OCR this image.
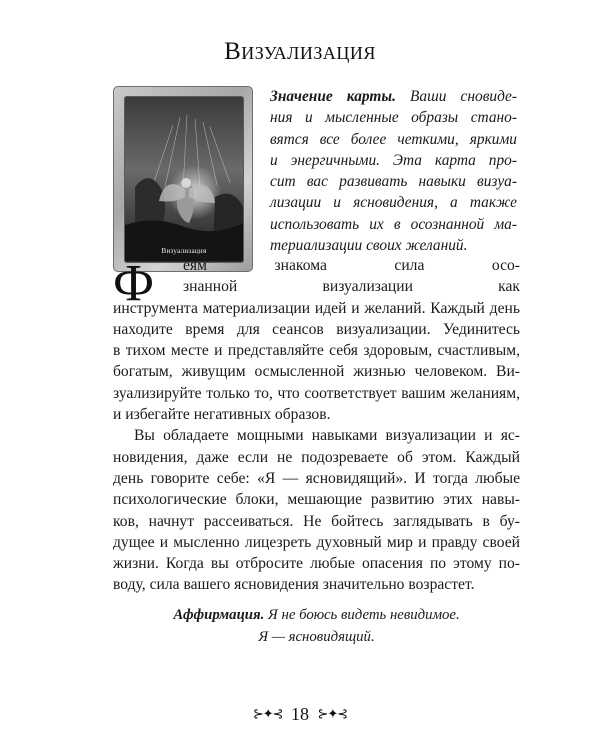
Визуализация
Визуализация
Значение карты. Ваши сновиде-
ния и мысленные образы стано-
вятся все более четкими, яркими
и энергичными. Эта карта про-
сит вас развивать навыки визуа-
лизации и ясновидения, а также
использовать их в осознанной ма-
териализации своих желаний.
Ф еям знакома сила осо-
знанной визуализации как
инструмента материализации идей и желаний. Каждый день
находите время для сеансов визуализации. Уединитесь
в тихом месте и представляйте себя здоровым, счастливым,
богатым, живущим осмысленной жизнью человеком. Ви-
зуализируйте только то, что соответствует вашим желаниям,
и избегайте негативных образов.
Вы обладаете мощными навыками визуализации и яс-
новидения, даже если не подозреваете об этом. Каждый
день говорите себе: «Я — ясновидящий». И тогда любые
психологические блоки, мешающие развитию этих навы-
ков, начнут рассеиваться. Не бойтесь заглядывать в бу-
дущее и мысленно лицезреть духовный мир и правду своей
жизни. Когда вы отбросите любые опасения по этому по-
воду, сила вашего ясновидения значительно возрастет.
Аффирмация. Я не боюсь видеть невидимое.
Я — ясновидящий.
⊱✦⊰ 18 ⊱✦⊰
